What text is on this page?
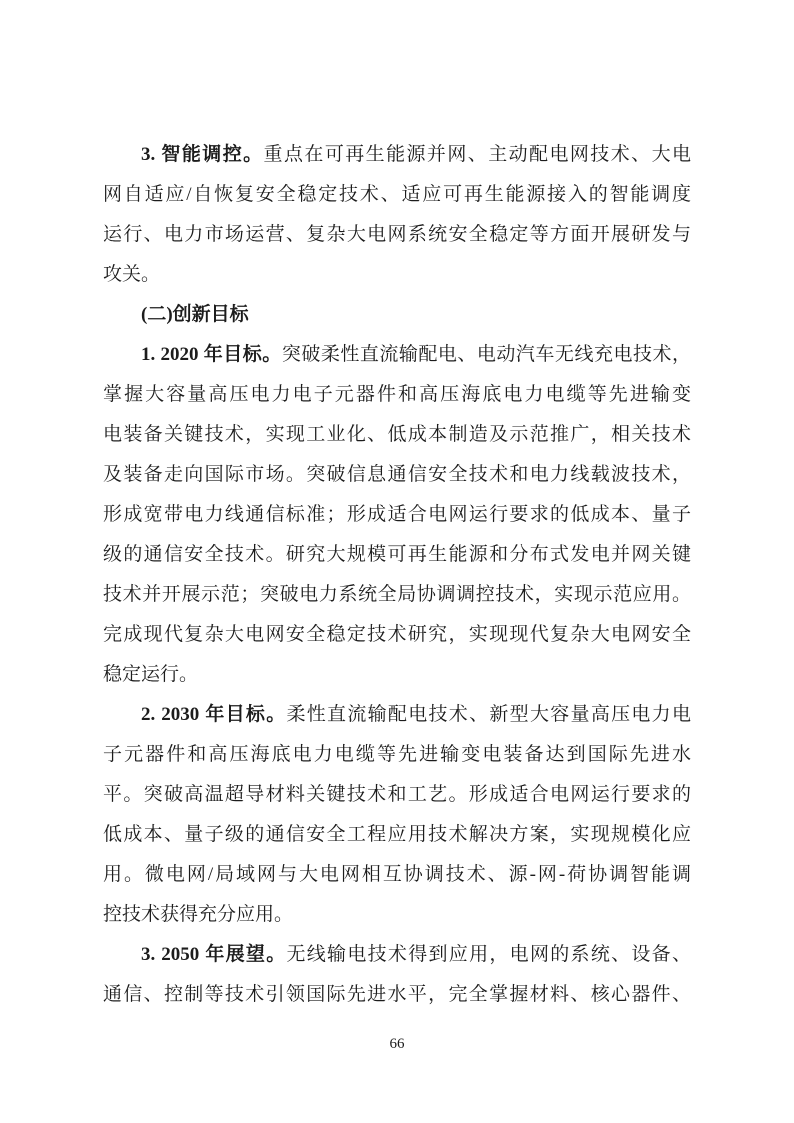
3. 智能调控。重点在可再生能源并网、主动配电网技术、大电
网自适应/自恢复安全稳定技术、适应可再生能源接入的智能调度
运行、电力市场运营、复杂大电网系统安全稳定等方面开展研发与
攻关。
(二)创新目标
1. 2020 年目标。突破柔性直流输配电、电动汽车无线充电技术，
掌握大容量高压电力电子元器件和高压海底电力电缆等先进输变
电装备关键技术，实现工业化、低成本制造及示范推广，相关技术
及装备走向国际市场。突破信息通信安全技术和电力线载波技术，
形成宽带电力线通信标准；形成适合电网运行要求的低成本、量子
级的通信安全技术。研究大规模可再生能源和分布式发电并网关键
技术并开展示范；突破电力系统全局协调调控技术，实现示范应用。
完成现代复杂大电网安全稳定技术研究，实现现代复杂大电网安全
稳定运行。
2. 2030 年目标。柔性直流输配电技术、新型大容量高压电力电
子元器件和高压海底电力电缆等先进输变电装备达到国际先进水
平。突破高温超导材料关键技术和工艺。形成适合电网运行要求的
低成本、量子级的通信安全工程应用技术解决方案，实现规模化应
用。微电网/局域网与大电网相互协调技术、源-网-荷协调智能调
控技术获得充分应用。
3. 2050 年展望。无线输电技术得到应用，电网的系统、设备、
通信、控制等技术引领国际先进水平，完全掌握材料、核心器件、
66
